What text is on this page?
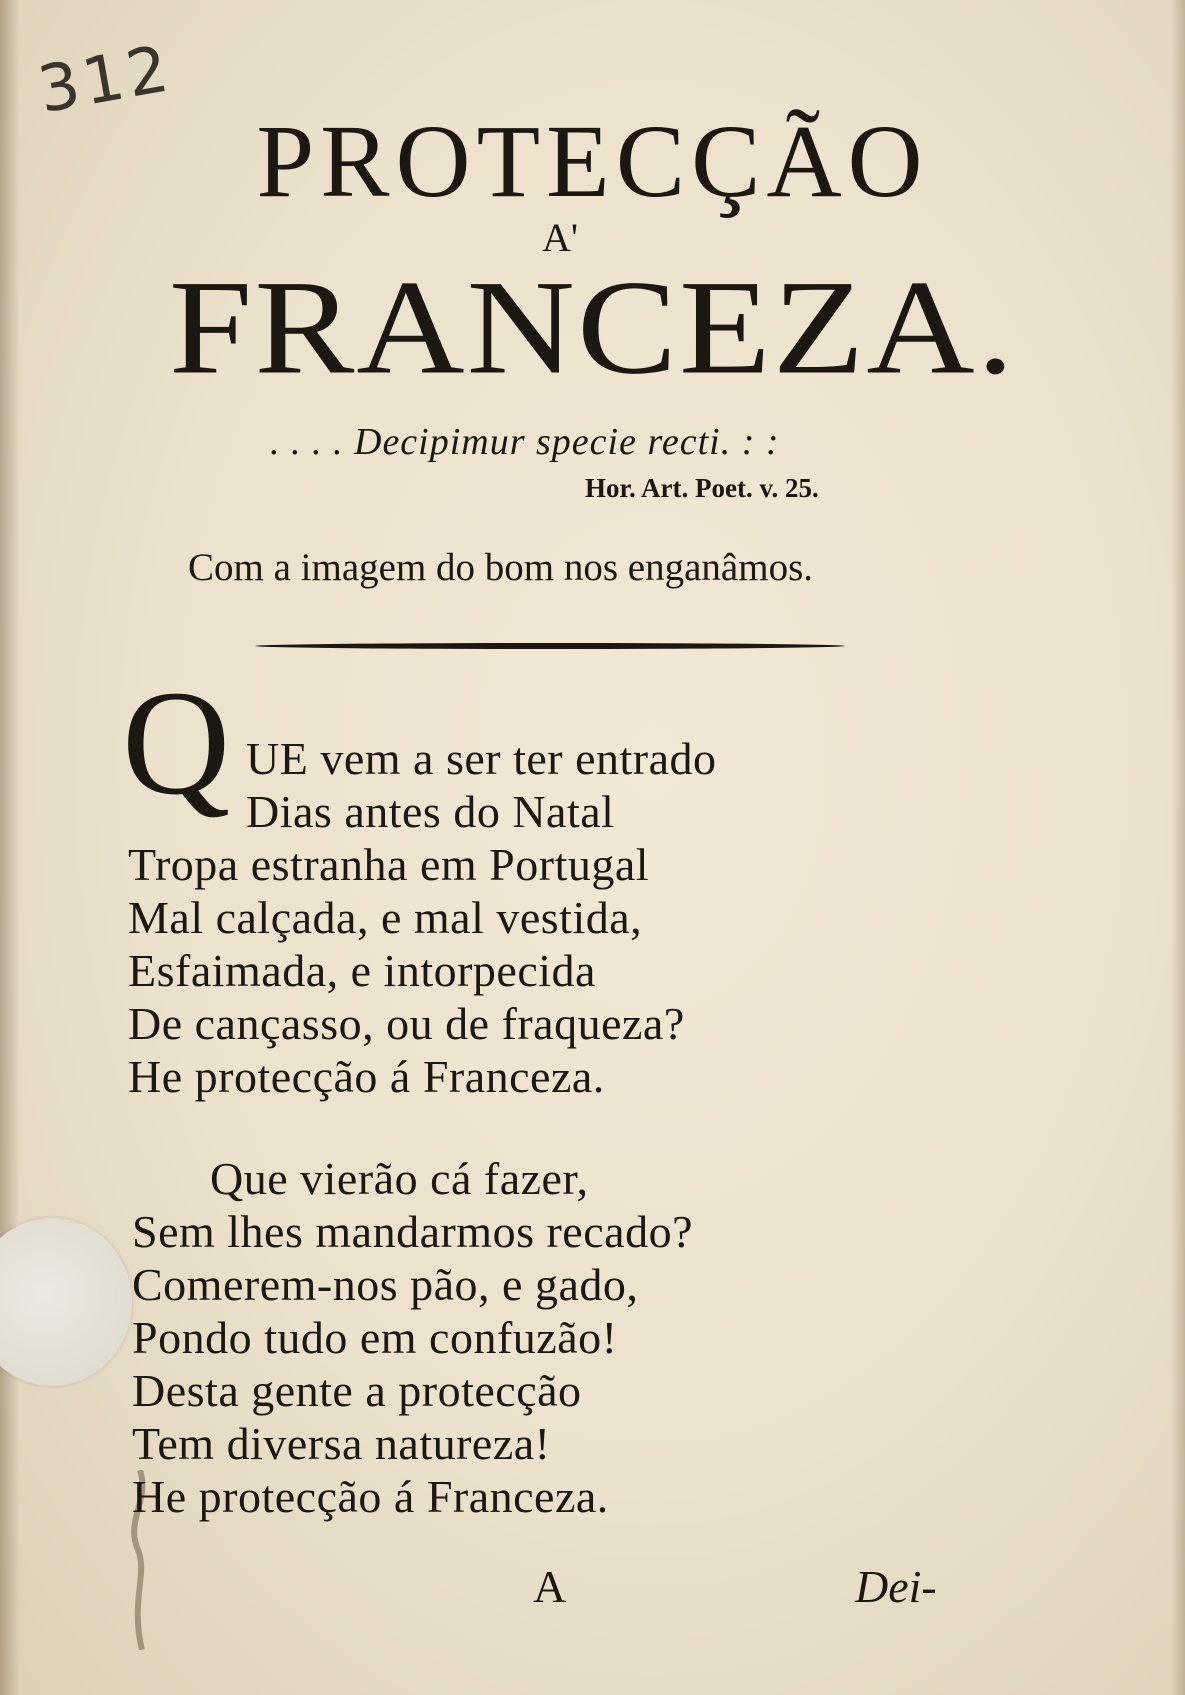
312
PROTECÇÃO
A'
FRANCEZA.
. . . . Decipimur specie recti. : :
Hor. Art. Poet. v. 25.
Com a imagem do bom nos enganâmos.
Q UE vem a ser ter entrado
Dias antes do Natal
Tropa estranha em Portugal
Mal calçada, e mal vestida,
Esfaimada, e intorpecida
De cançasso, ou de fraqueza?
He protecção á Franceza.
Que vierão cá fazer,
Sem lhes mandarmos recado?
Comerem-nos pão, e gado,
Pondo tudo em confuzão!
Desta gente a protecção
Tem diversa natureza!
He protecção á Franceza.
A	Dei-
